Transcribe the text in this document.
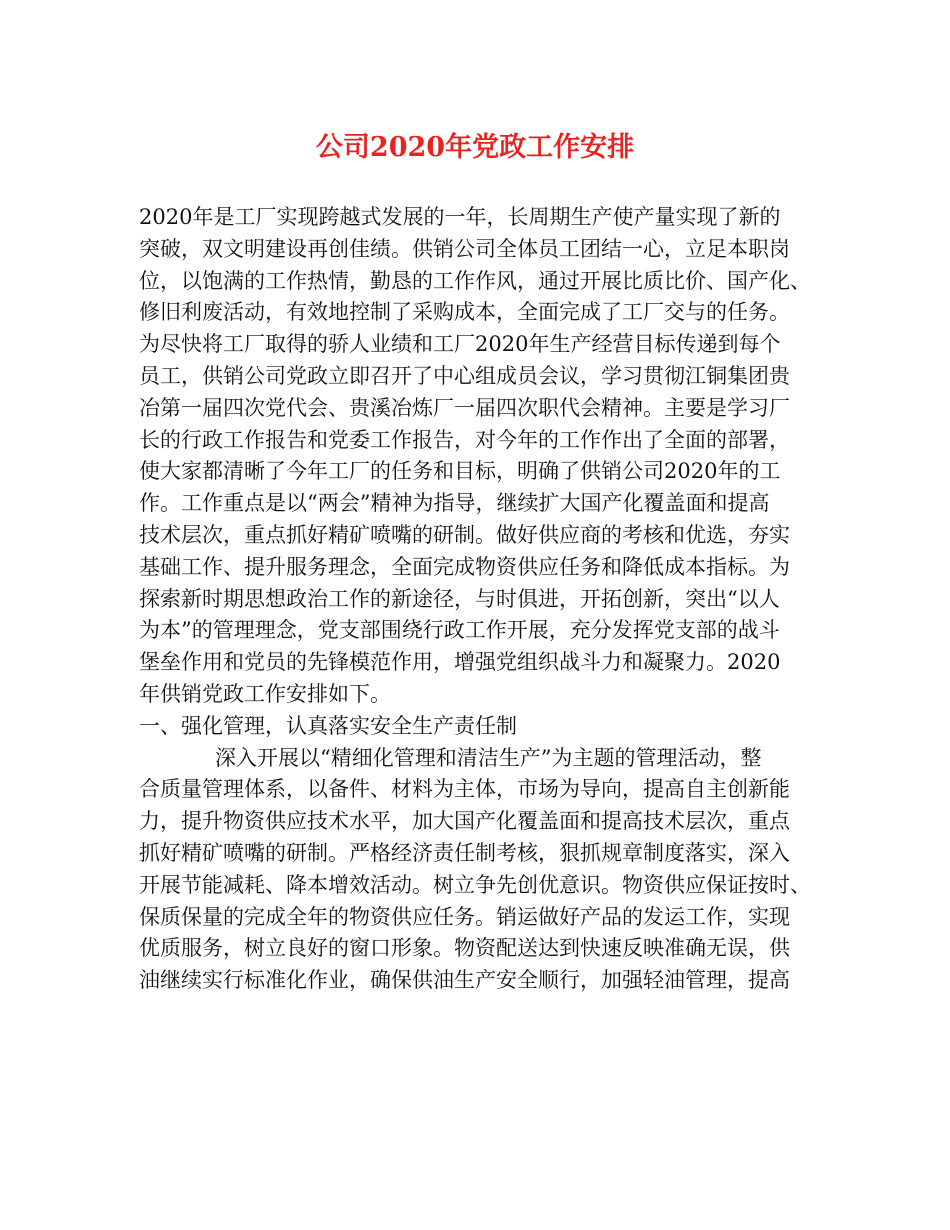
公司2020年党政工作安排
2020年是工厂实现跨越式发展的一年，长周期生产使产量实现了新的
突破，双文明建设再创佳绩。供销公司全体员工团结一心，立足本职岗
位，以饱满的工作热情，勤恳的工作作风，通过开展比质比价、国产化、
修旧利废活动，有效地控制了采购成本，全面完成了工厂交与的任务。
为尽快将工厂取得的骄人业绩和工厂2020年生产经营目标传递到每个
员工，供销公司党政立即召开了中心组成员会议，学习贯彻江铜集团贵
冶第一届四次党代会、贵溪冶炼厂一届四次职代会精神。主要是学习厂
长的行政工作报告和党委工作报告，对今年的工作作出了全面的部署，
使大家都清晰了今年工厂的任务和目标，明确了供销公司2020年的工
作。工作重点是以“两会”精神为指导，继续扩大国产化覆盖面和提高
技术层次，重点抓好精矿喷嘴的研制。做好供应商的考核和优选，夯实
基础工作、提升服务理念，全面完成物资供应任务和降低成本指标。为
探索新时期思想政治工作的新途径，与时俱进，开拓创新，突出“以人
为本”的管理理念，党支部围绕行政工作开展，充分发挥党支部的战斗
堡垒作用和党员的先锋模范作用，增强党组织战斗力和凝聚力。2020
年供销党政工作安排如下。
一、强化管理，认真落实安全生产责任制
深入开展以“精细化管理和清洁生产”为主题的管理活动，整
合质量管理体系，以备件、材料为主体，市场为导向，提高自主创新能
力，提升物资供应技术水平，加大国产化覆盖面和提高技术层次，重点
抓好精矿喷嘴的研制。严格经济责任制考核，狠抓规章制度落实，深入
开展节能减耗、降本增效活动。树立争先创优意识。物资供应保证按时、
保质保量的完成全年的物资供应任务。销运做好产品的发运工作，实现
优质服务，树立良好的窗口形象。物资配送达到快速反映准确无误，供
油继续实行标准化作业，确保供油生产安全顺行，加强轻油管理，提高
